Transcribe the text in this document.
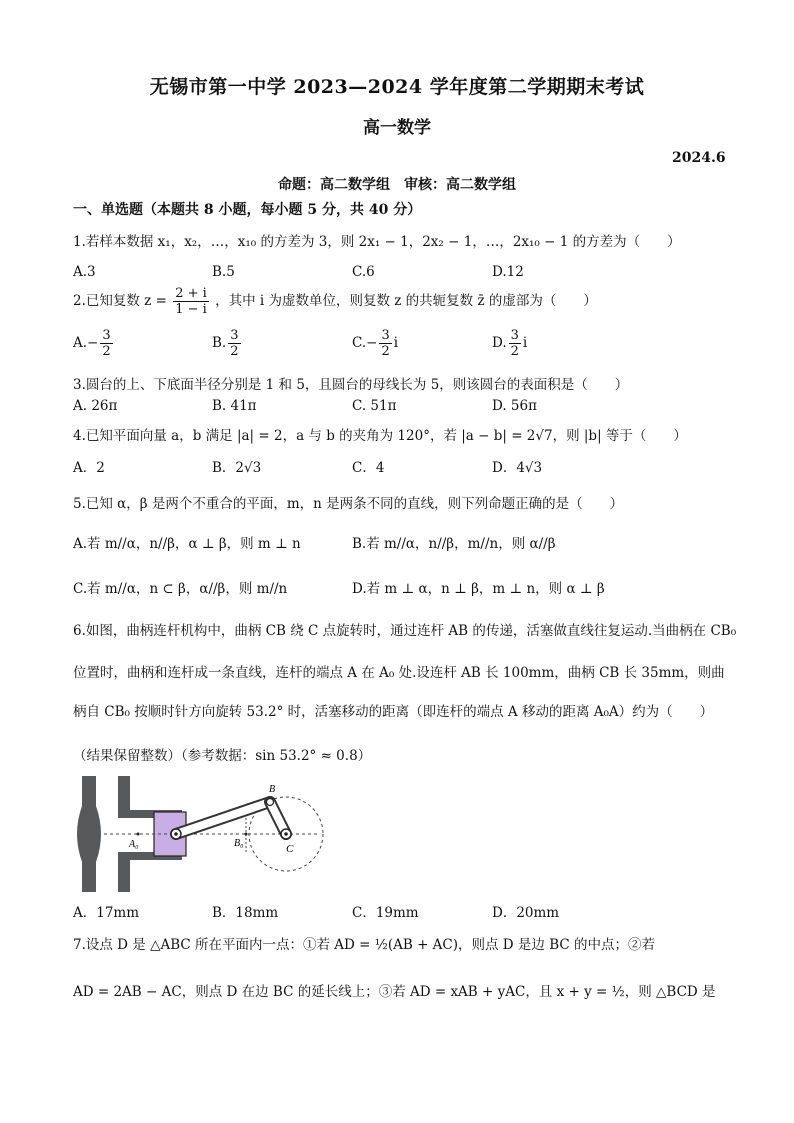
无锡市第一中学 2023—2024 学年度第二学期期末考试
高一数学
2024.6
命题：高二数学组　审核：高二数学组
一、单选题（本题共 8 小题，每小题 5 分，共 40 分）
1.若样本数据 x₁，x₂，…，x₁₀ 的方差为 3，则 2x₁ − 1，2x₂ − 1，…，2x₁₀ − 1 的方差为（　　）
A.3	B.5	C.6	D.12
2.已知复数 $z = \frac{2 + i}{1 - i}$ ，其中 i 为虚数单位，则复数 z 的共轭复数 z̄ 的虚部为（　　）
$A.- \frac{3}{2}$	B. $\frac{3}{2}$	$C.- \frac{3}{2}$ i	D. $\frac{3}{2}$ i
3.圆台的上、下底面半径分别是 1 和 5，且圆台的母线长为 5，则该圆台的表面积是（　　）
A. 26π	B. 41π	C. 51π	D. 56π
4.已知平面向量 a，b 满足 |a| = 2，a 与 b 的夹角为 120°，若 |a − b| = 2√7，则 |b| 等于（　　）
A．2	B．2√3	C．4	D．4√3
5.已知 α，β 是两个不重合的平面，m，n 是两条不同的直线，则下列命题正确的是（　　）
A.若 m//α，n//β，α ⊥ β，则 m ⊥ n	B.若 m//α，n//β，m//n，则 α//β
C.若 m//α，n ⊂ β，α//β，则 m//n	D.若 m ⊥ α，n ⊥ β，m ⊥ n，则 α ⊥ β
6.如图，曲柄连杆机构中，曲柄 CB 绕 C 点旋转时，通过连杆 AB 的传递，活塞做直线往复运动.当曲柄在 CB₀
位置时，曲柄和连杆成一条直线，连杆的端点 A 在 A₀ 处.设连杆 AB 长 100mm，曲柄 CB 长 35mm，则曲
柄自 CB₀ 按顺时针方向旋转 53.2° 时，活塞移动的距离（即连杆的端点 A 移动的距离 A₀A）约为（　　）
（结果保留整数）（参考数据：sin 53.2° ≈ 0.8）
A₀	B₀
B
C
A．17mm	B．18mm	C．19mm	D．20mm
7.设点 D 是 △ABC 所在平面内一点：①若 AD = ½(AB + AC)，则点 D 是边 BC 的中点；②若
AD = 2AB − AC，则点 D 在边 BC 的延长线上；③若 AD = xAB + yAC，且 x + y = ½，则 △BCD 是
